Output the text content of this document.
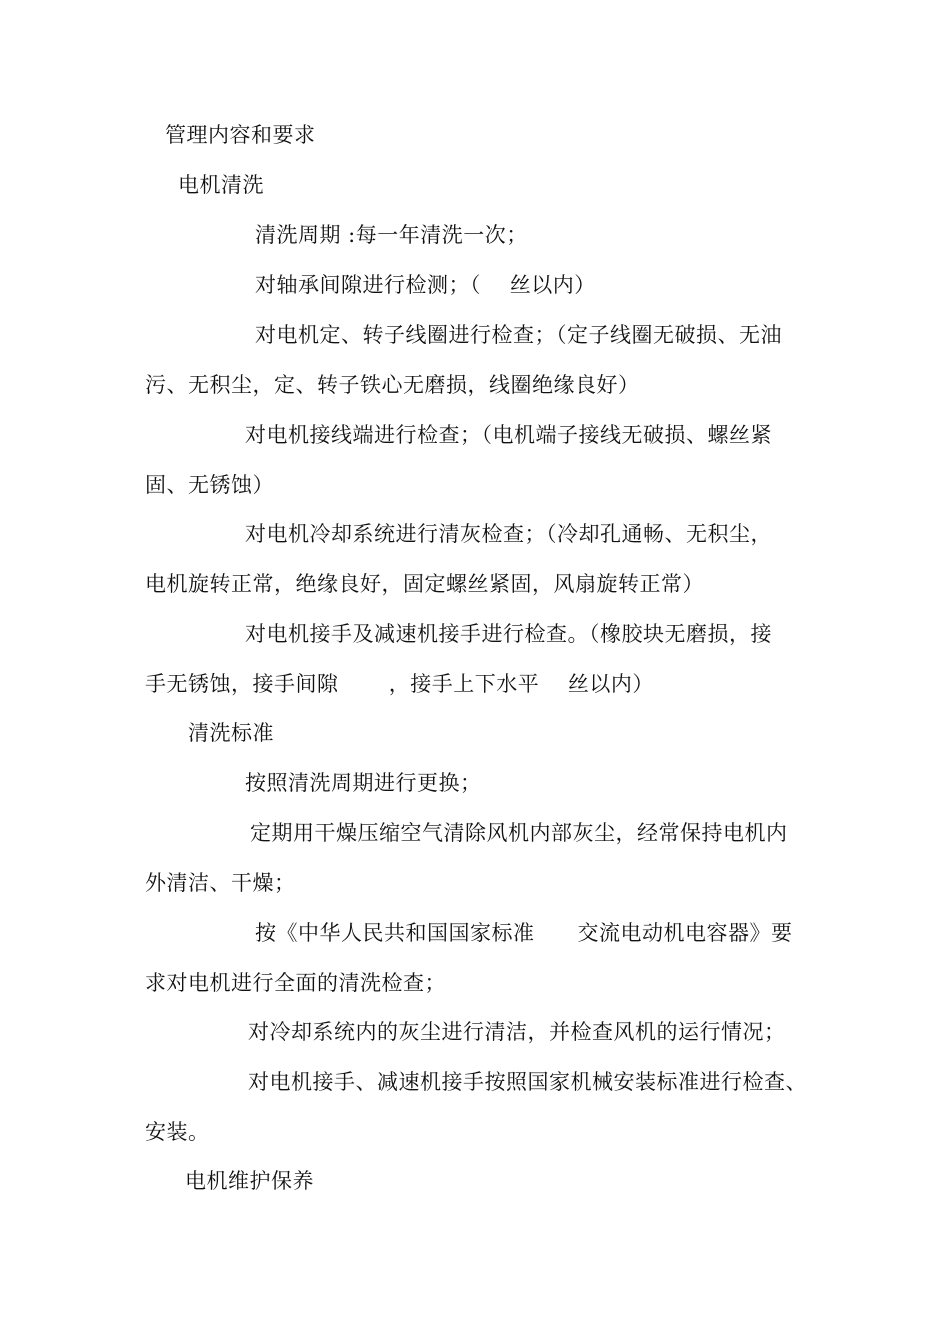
管理内容和要求
电机清洗
清洗周期 :每一年清洗一次；
对轴承间隙进行检测；（    丝以内）
对电机定、转子线圈进行检查；（定子线圈无破损、无油
污、无积尘，定、转子铁心无磨损，线圈绝缘良好）
对电机接线端进行检查；（电机端子接线无破损、螺丝紧
固、无锈蚀）
对电机冷却系统进行清灰检查；（冷却孔通畅、无积尘，
电机旋转正常，绝缘良好，固定螺丝紧固，风扇旋转正常）
对电机接手及减速机接手进行检查。（橡胶块无磨损，接
手无锈蚀，接手间隙       ，接手上下水平    丝以内）
清洗标准
按照清洗周期进行更换；
定期用干燥压缩空气清除风机内部灰尘，经常保持电机内
外清洁、干燥；
按《中华人民共和国国家标准      交流电动机电容器》要
求对电机进行全面的清洗检查；
对冷却系统内的灰尘进行清洁，并检查风机的运行情况；
对电机接手、减速机接手按照国家机械安装标准进行检查、
安装。
电机维护保养
